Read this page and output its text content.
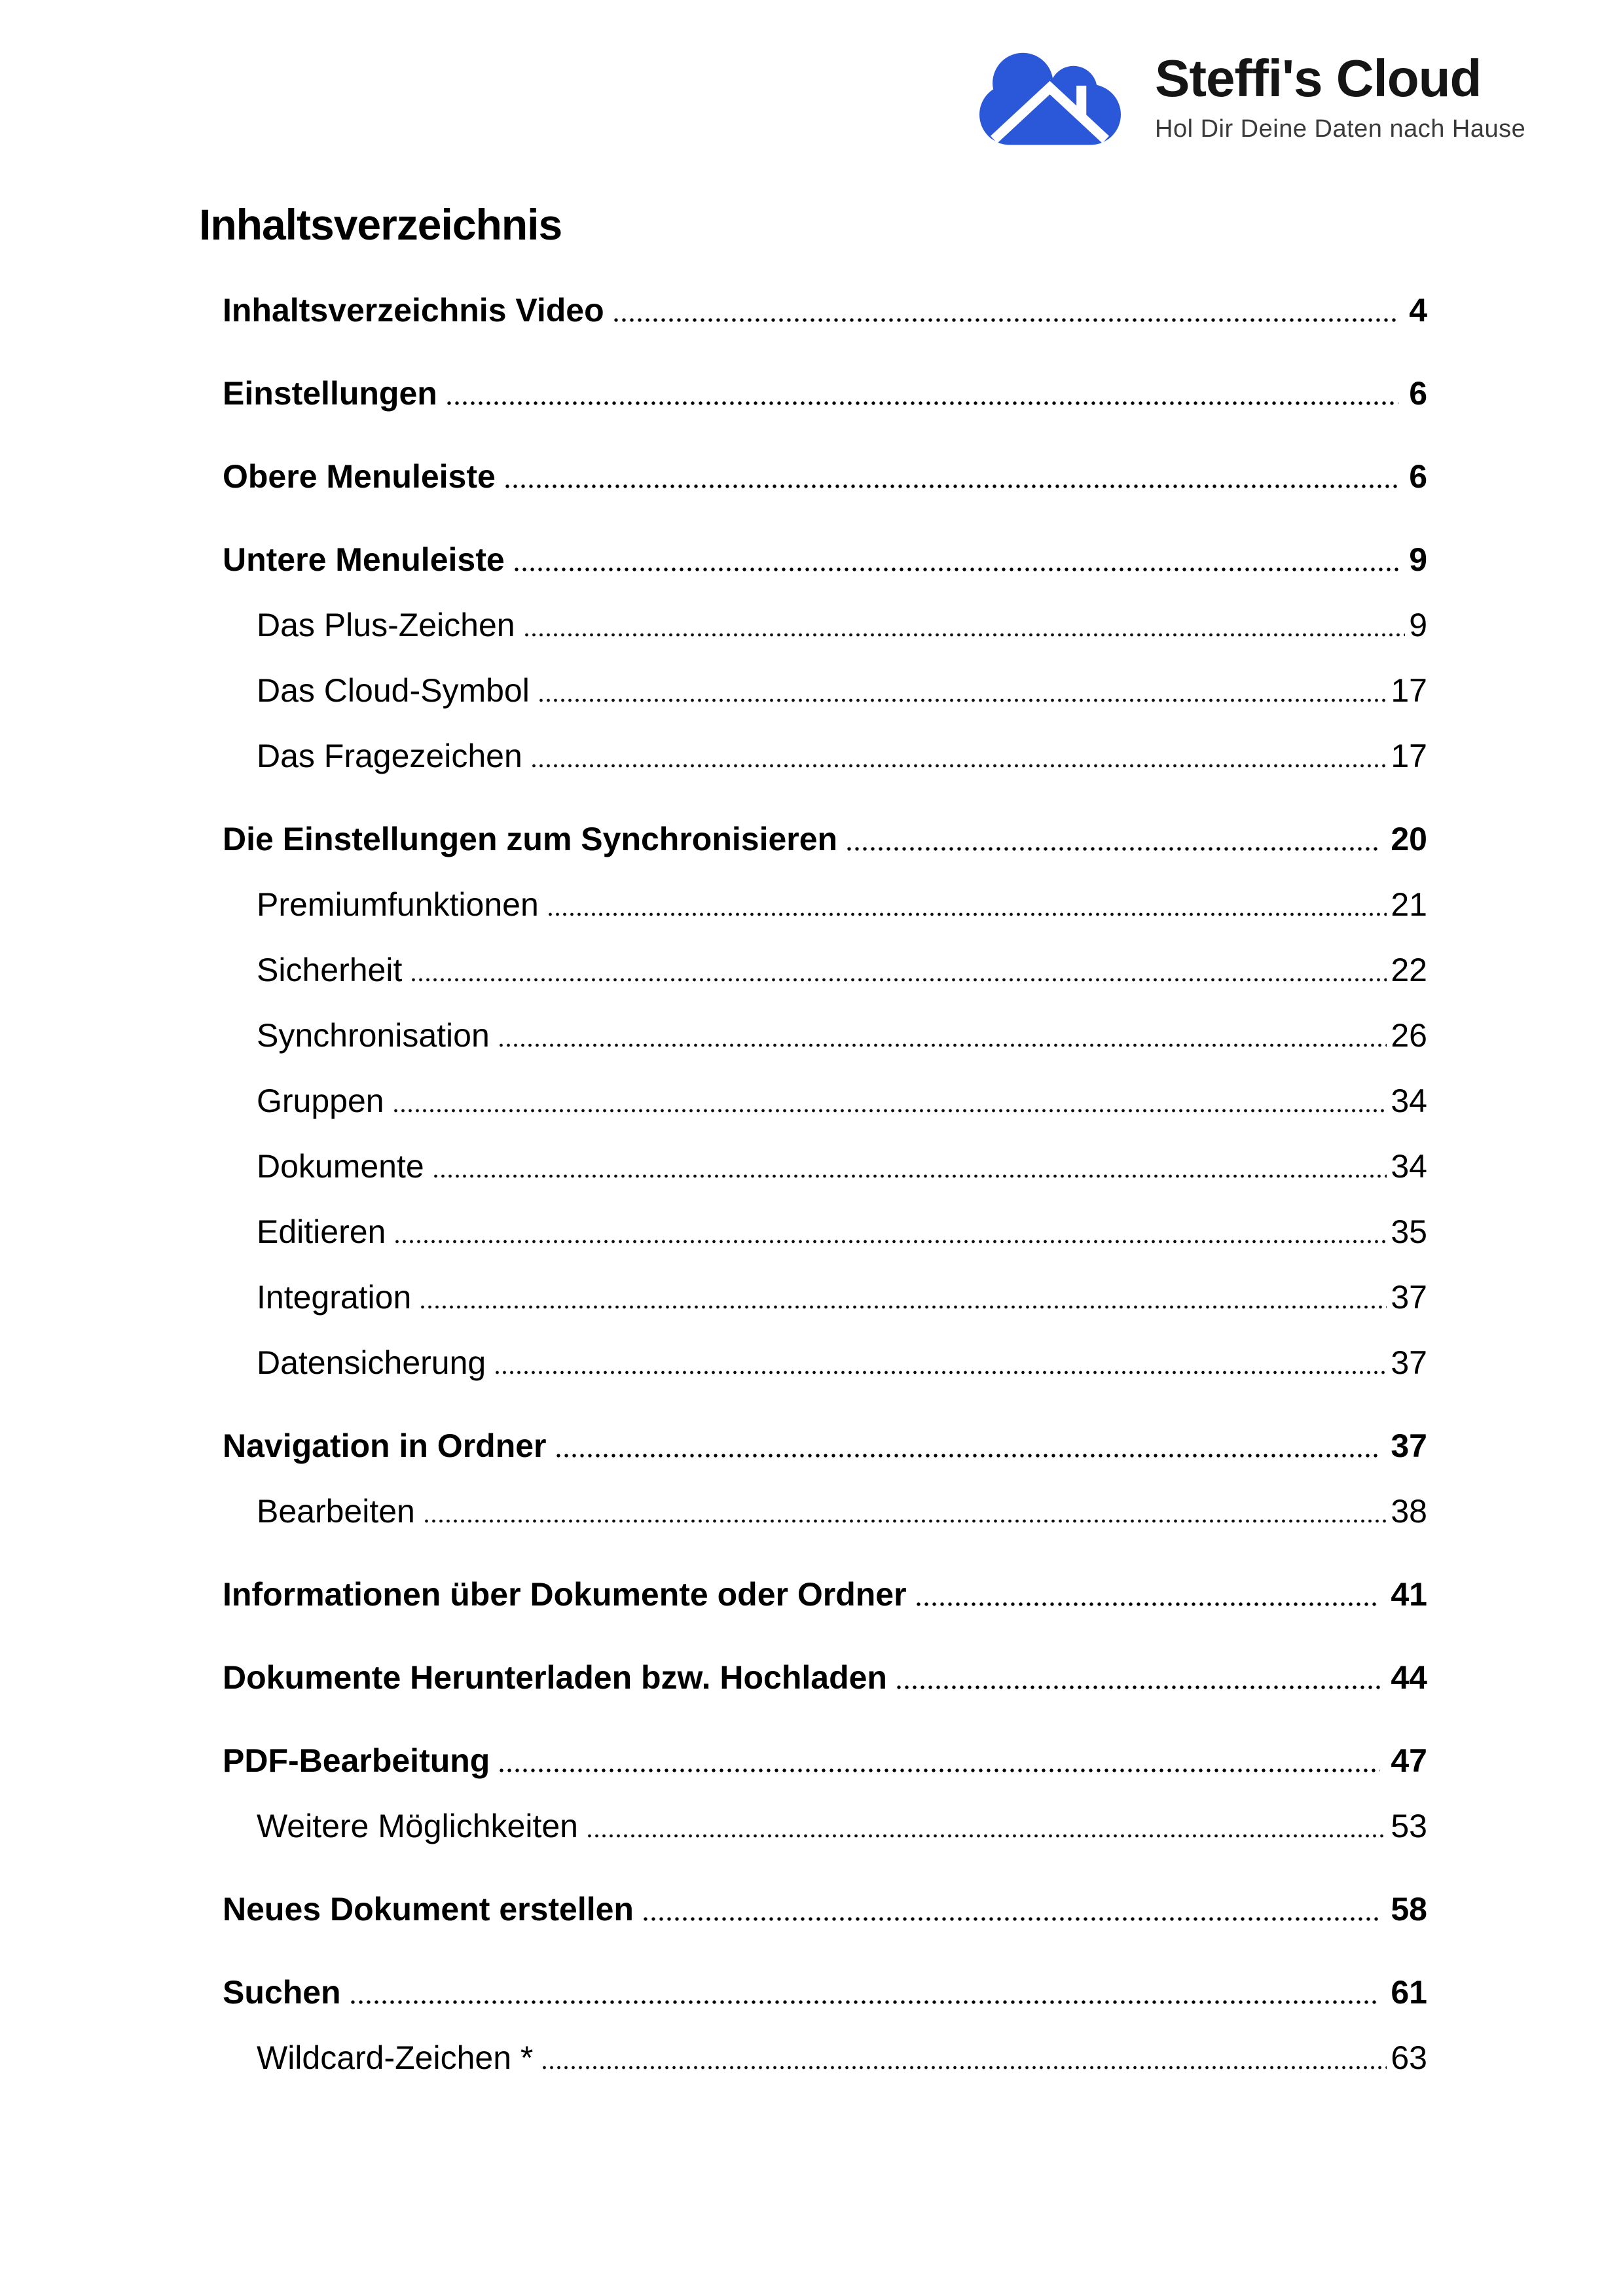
Steffi's Cloud
Hol Dir Deine Daten nach Hause
Inhaltsverzeichnis
Inhaltsverzeichnis Video	4
Einstellungen	6
Obere Menuleiste	6
Untere Menuleiste	9
Das Plus-Zeichen	9
Das Cloud-Symbol	17
Das Fragezeichen	17
Die Einstellungen zum Synchronisieren	20
Premiumfunktionen	21
Sicherheit	22
Synchronisation	26
Gruppen	34
Dokumente	34
Editieren	35
Integration	37
Datensicherung	37
Navigation in Ordner	37
Bearbeiten	38
Informationen über Dokumente oder Ordner	41
Dokumente Herunterladen bzw. Hochladen	44
PDF-Bearbeitung	47
Weitere Möglichkeiten	53
Neues Dokument erstellen	58
Suchen	61
Wildcard-Zeichen *	63
